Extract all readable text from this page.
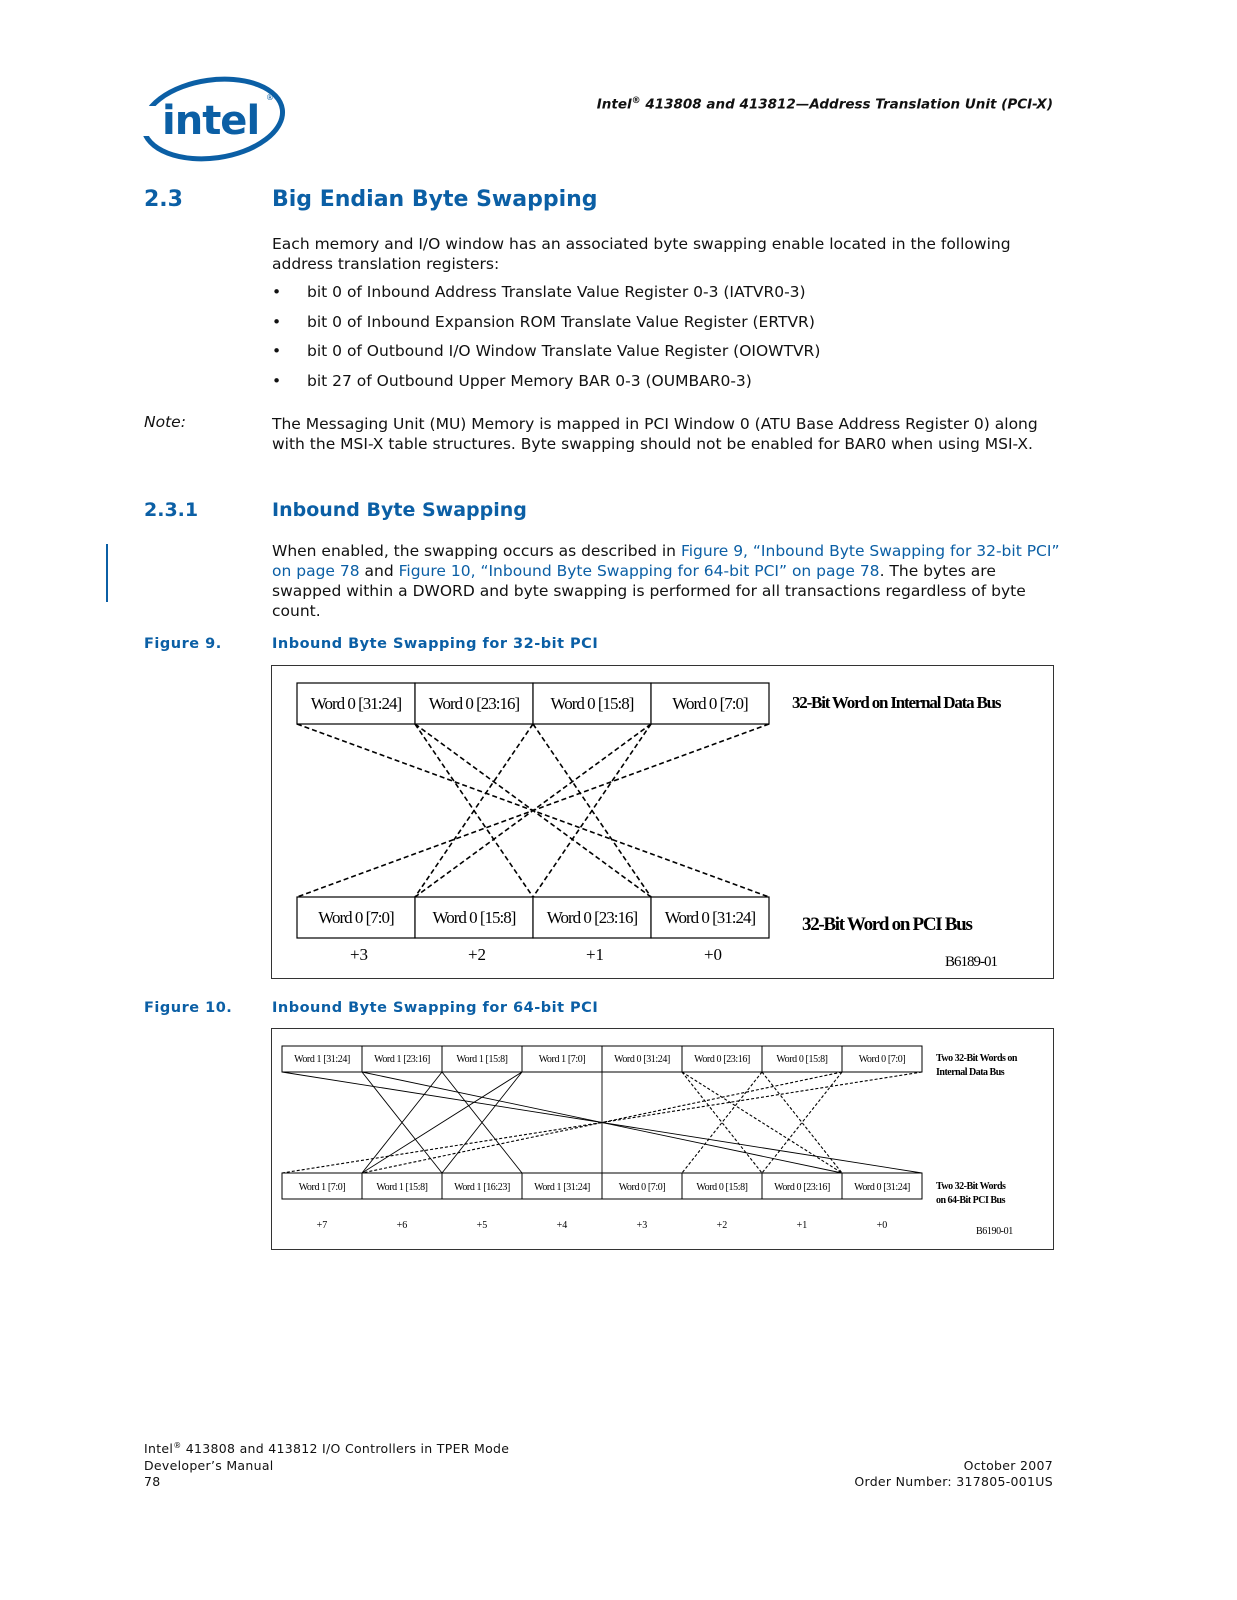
intel
®	Intel® 413808 and 413812—Address Translation Unit (PCI-X)
2.3	Big Endian Byte Swapping
Each memory and I/O window has an associated byte swapping enable located in the following address translation registers:
• bit 0 of Inbound Address Translate Value Register 0-3 (IATVR0-3)
• bit 0 of Inbound Expansion ROM Translate Value Register (ERTVR)
• bit 0 of Outbound I/O Window Translate Value Register (OIOWTVR)
• bit 27 of Outbound Upper Memory BAR 0-3 (OUMBAR0-3)
Note:	The Messaging Unit (MU) Memory is mapped in PCI Window 0 (ATU Base Address Register 0) along with the MSI-X table structures. Byte swapping should not be enabled for BAR0 when using MSI-X.
2.3.1	Inbound Byte Swapping
When enabled, the swapping occurs as described in Figure 9, “Inbound Byte Swapping for 32-bit PCI” on page 78 and Figure 10, “Inbound Byte Swapping for 64-bit PCI” on page 78. The bytes are swapped within a DWORD and byte swapping is performed for all transactions regardless of byte count.
Figure 9.	Inbound Byte Swapping for 32-bit PCI
Word 0 [31:24] Word 0 [23:16] Word 0 [15:8] Word 0 [7:0]	32-Bit Word on Internal Data Bus
Word 0 [7:0] Word 0 [15:8] Word 0 [23:16] Word 0 [31:24] 32-Bit Word on PCI Bus
+3	+2	+1	+0	B6189-01
Figure 10.	Inbound Byte Swapping for 64-bit PCI
Word 1 [31:24] Word 1 [23:16]	Word 1 [15:8]	Word 1 [7:0]	Word 0 [31:24] Word 0 [23:16]	Word 0 [15:8]	Word 0 [7:0]	Two 32-Bit Words on
Internal Data Bus
Word 1 [7:0]	Word 1 [15:8]	Word 1 [16:23] Word 1 [31:24]	Word 0 [7:0]	Word 0 [15:8]	Word 0 [23:16] Word 0 [31:24]	Two 32-Bit Words
on 64-Bit PCI Bus
+7	+6	+5	+4	+3	+2	+1	+0
B6190-01
Intel® 413808 and 413812 I/O Controllers in TPER Mode
Developer’s Manual
78
October 2007
Order Number: 317805-001US
